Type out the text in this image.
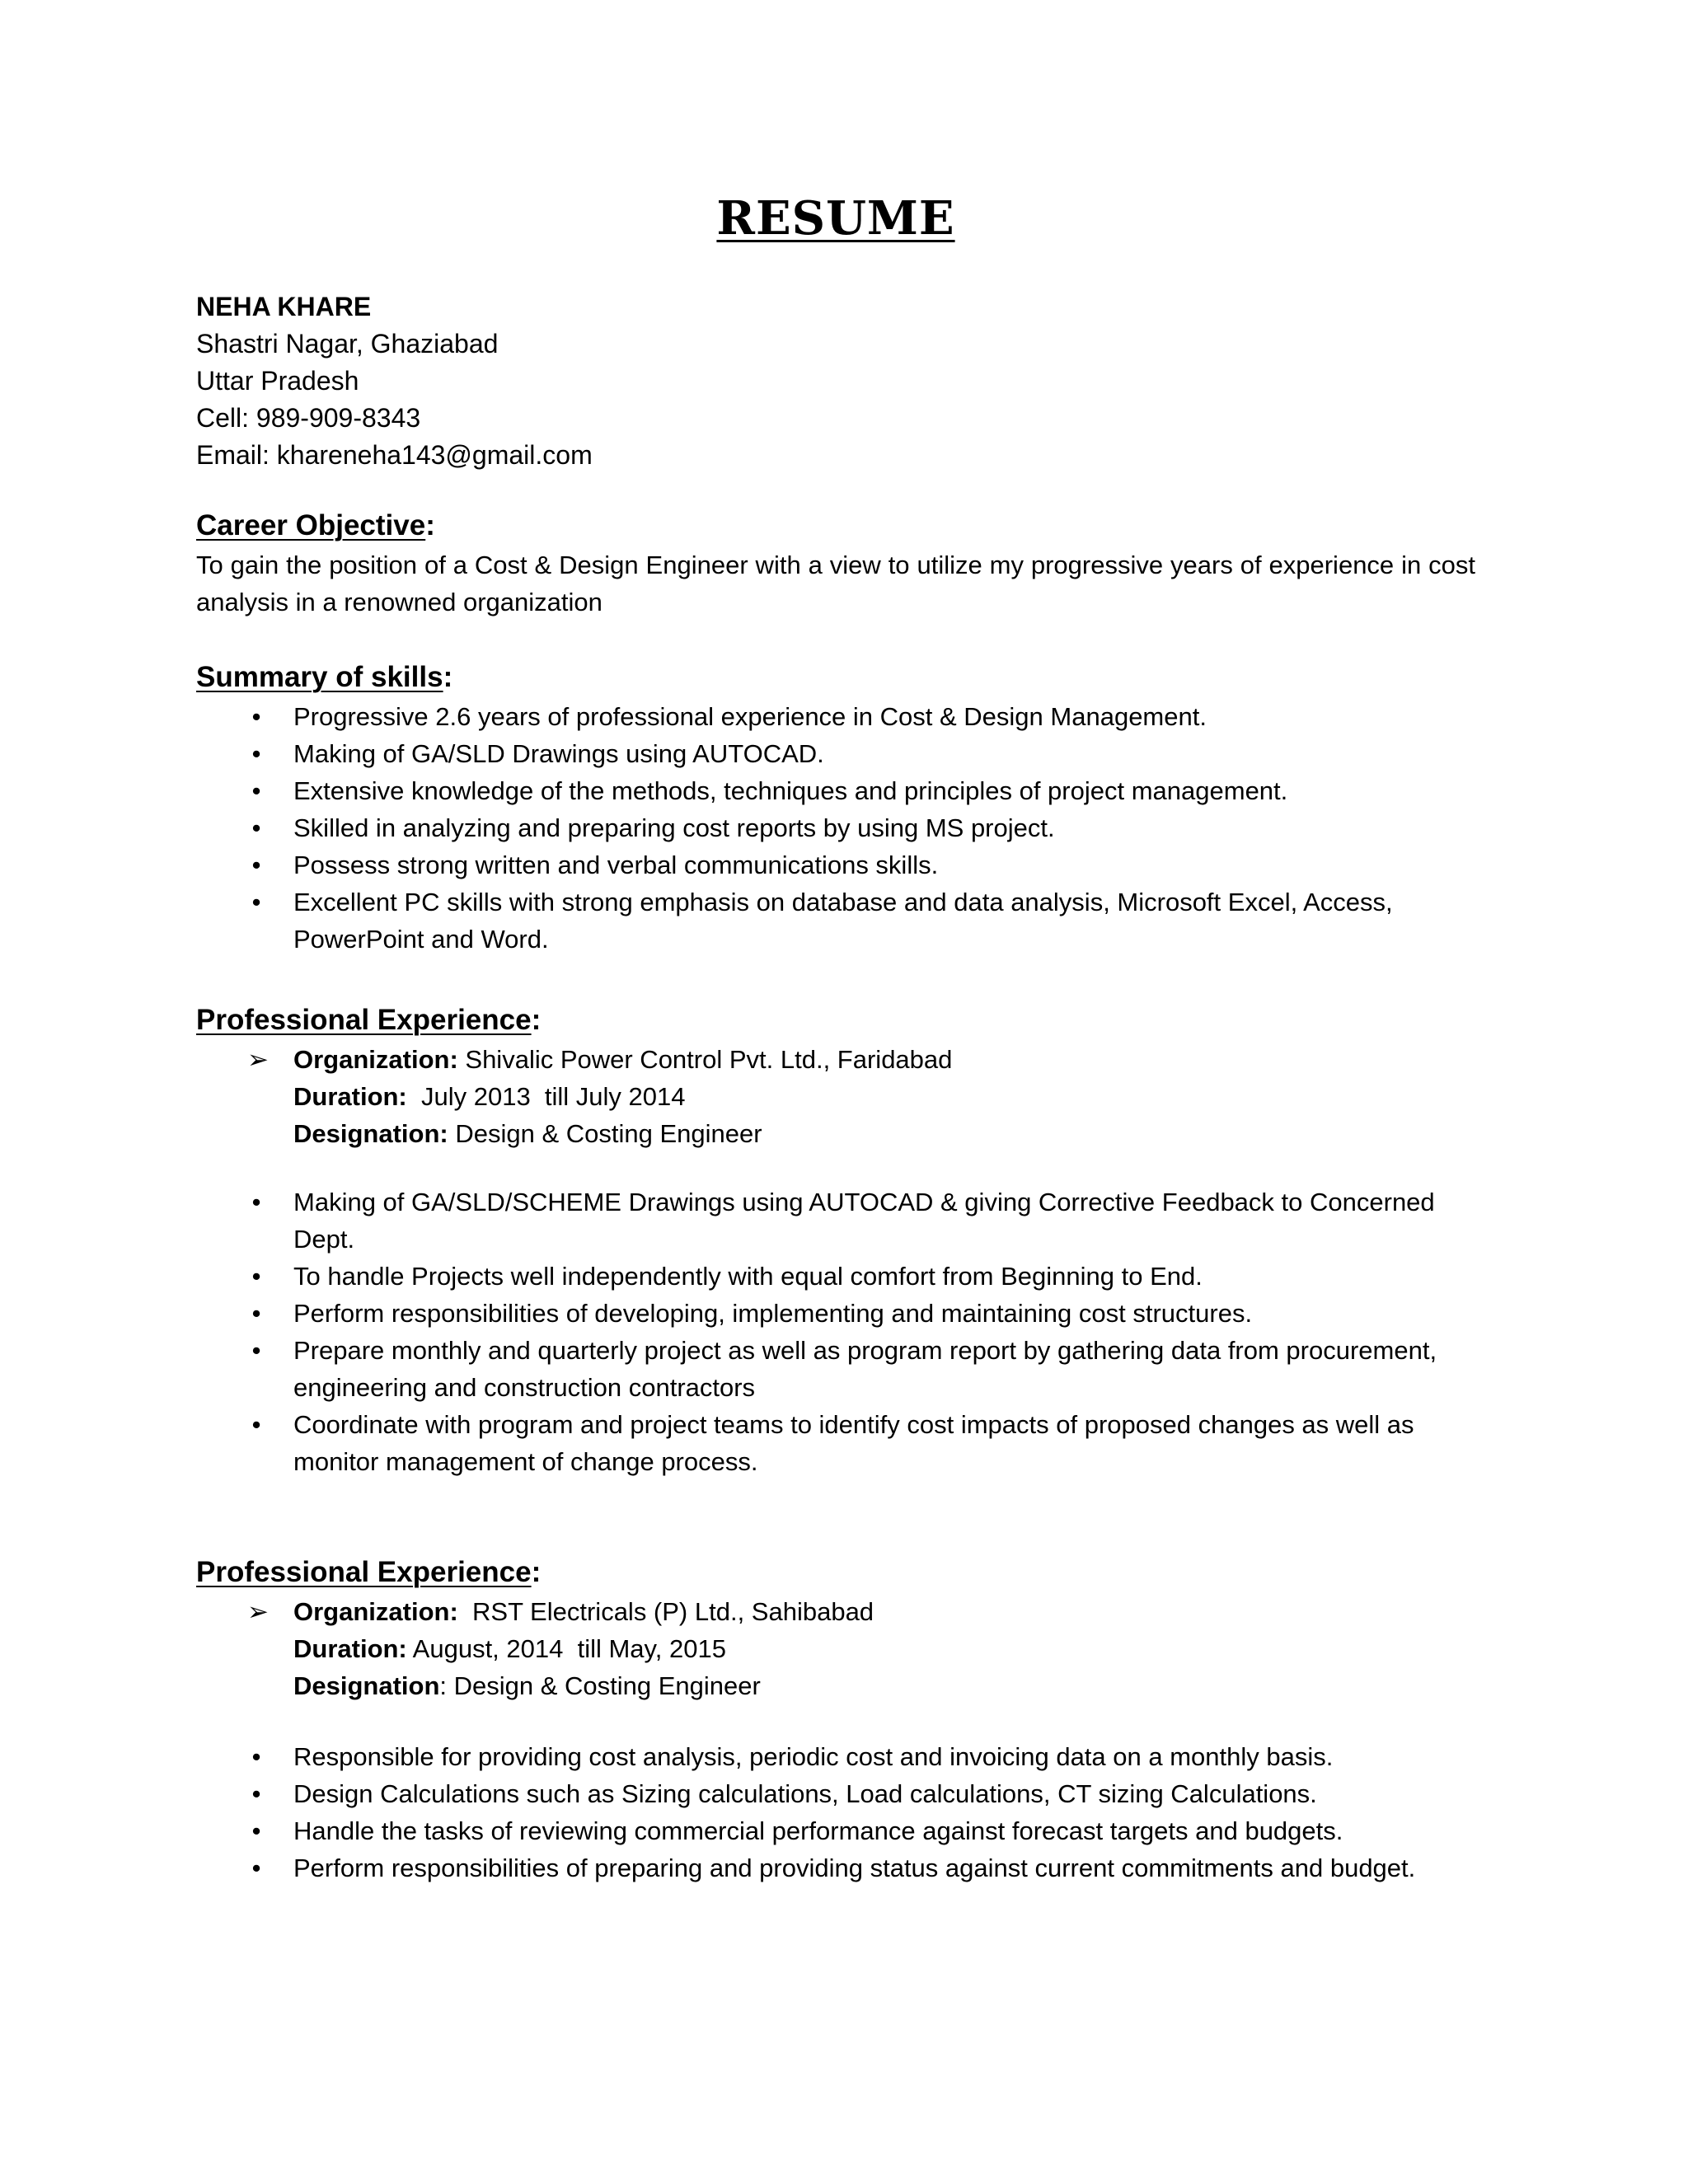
RESUME
NEHA KHARE
Shastri Nagar, Ghaziabad
Uttar Pradesh
Cell: 989-909-8343
Email: khareneha143@gmail.com
Career Objective:

To gain the position of a Cost & Design Engineer with a view to utilize my progressive years of experience in cost analysis in a renowned organization

Summary of skills:
•	Progressive 2.6 years of professional experience in Cost & Design Management.
•	Making of GA/SLD Drawings using AUTOCAD.
•	Extensive knowledge of the methods, techniques and principles of project management.
•	Skilled in analyzing and preparing cost reports by using MS project.
•	Possess strong written and verbal communications skills.
•	Excellent PC skills with strong emphasis on database and data analysis, Microsoft Excel, Access, PowerPoint and Word.
Professional Experience:
➢ Organization: Shivalic Power Control Pvt. Ltd., Faridabad
Duration:  July 2013  till July 2014
Designation: Design & Costing Engineer
•	Making of GA/SLD/SCHEME Drawings using AUTOCAD & giving Corrective Feedback to Concerned Dept.
•	To handle Projects well independently with equal comfort from Beginning to End.
•	Perform responsibilities of developing, implementing and maintaining cost structures.
•	Prepare monthly and quarterly project as well as program report by gathering data from procurement, engineering and construction contractors
•	Coordinate with program and project teams to identify cost impacts of proposed changes as well as monitor management of change process.
Professional Experience:
➢ Organization:  RST Electricals (P) Ltd., Sahibabad
Duration: August, 2014  till May, 2015
Designation: Design & Costing Engineer
•	Responsible for providing cost analysis, periodic cost and invoicing data on a monthly basis.
•	Design Calculations such as Sizing calculations, Load calculations, CT sizing Calculations.
•	Handle the tasks of reviewing commercial performance against forecast targets and budgets.
•	Perform responsibilities of preparing and providing status against current commitments and budget.
